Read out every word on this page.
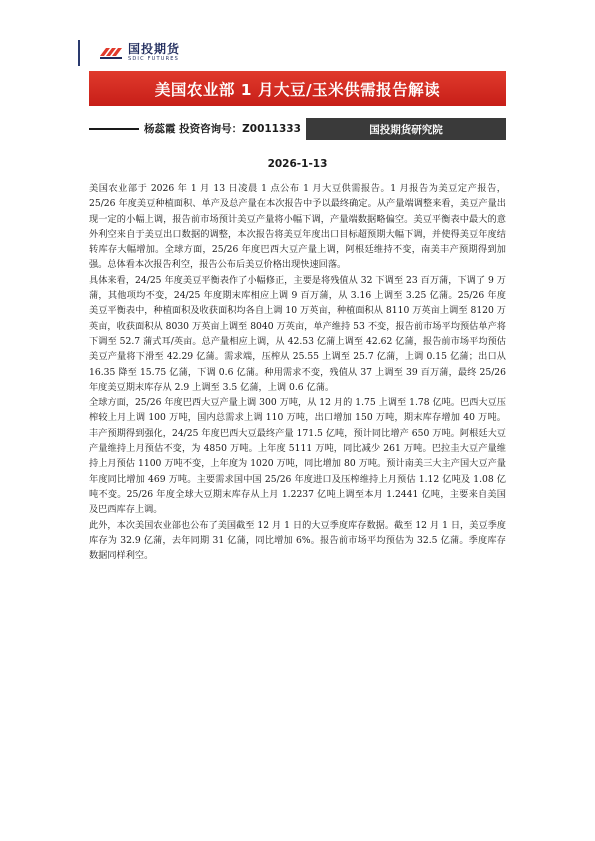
国投期货
SDIC FUTURES
美国农业部 1 月大豆/玉米供需报告解读
杨蕊霞 投资咨询号：Z0011333	国投期货研究院
2026-1-13

美国农业部于 2026 年 1 月 13 日凌晨 1 点公布 1 月大豆供需报告。1 月报告为美豆定产报告，25/26 年度美豆种植面积、单产及总产量在本次报告中予以最终确定。从产量端调整来看，美豆产量出现一定的小幅上调，报告前市场预计美豆产量将小幅下调，产量端数据略偏空。美豆平衡表中最大的意外利空来自于美豆出口数据的调整，本次报告将美豆年度出口目标超预期大幅下调，并使得美豆年度结转库存大幅增加。全球方面，25/26 年度巴西大豆产量上调，阿根廷维持不变，南美丰产预期得到加强。总体看本次报告利空，报告公布后美豆价格出现快速回落。

具体来看，24/25 年度美豆平衡表作了小幅修正，主要是将残值从 32 下调至 23 百万蒲，下调了 9 万蒲，其他项均不变，24/25 年度期末库相应上调 9 百万蒲，从 3.16 上调至 3.25 亿蒲。25/26 年度美豆平衡表中，种植面积及收获面积均各自上调 10 万英亩，种植面积从 8110 万英亩上调至 8120 万英亩，收获面积从 8030 万英亩上调至 8040 万英亩，单产维持 53 不变，报告前市场平均预估单产将下调至 52.7 蒲式耳/英亩。总产量相应上调，从 42.53 亿蒲上调至 42.62 亿蒲，报告前市场平均预估美豆产量将下滑至 42.29 亿蒲。需求端，压榨从 25.55 上调至 25.7 亿蒲，上调 0.15 亿蒲；出口从 16.35 降至 15.75 亿蒲，下调 0.6 亿蒲。种用需求不变，残值从 37 上调至 39 百万蒲，最终 25/26 年度美豆期末库存从 2.9 上调至 3.5 亿蒲，上调 0.6 亿蒲。

全球方面，25/26 年度巴西大豆产量上调 300 万吨，从 12 月的 1.75 上调至 1.78 亿吨。巴西大豆压榨较上月上调 100 万吨，国内总需求上调 110 万吨，出口增加 150 万吨，期末库存增加 40 万吨。丰产预期得到强化，24/25 年度巴西大豆最终产量 171.5 亿吨，预计同比增产 650 万吨。阿根廷大豆产量维持上月预估不变，为 4850 万吨。上年度 5111 万吨，同比减少 261 万吨。巴拉圭大豆产量维持上月预估 1100 万吨不变，上年度为 1020 万吨，同比增加 80 万吨。预计南美三大主产国大豆产量年度同比增加 469 万吨。主要需求国中国 25/26 年度进口及压榨维持上月预估 1.12 亿吨及 1.08 亿吨不变。25/26 年度全球大豆期末库存从上月 1.2237 亿吨上调至本月 1.2441 亿吨，主要来自美国及巴西库存上调。

此外，本次美国农业部也公布了美国截至 12 月 1 日的大豆季度库存数据。截至 12 月 1 日，美豆季度库存为 32.9 亿蒲，去年同期 31 亿蒲，同比增加 6%。报告前市场平均预估为 32.5 亿蒲。季度库存数据同样利空。
